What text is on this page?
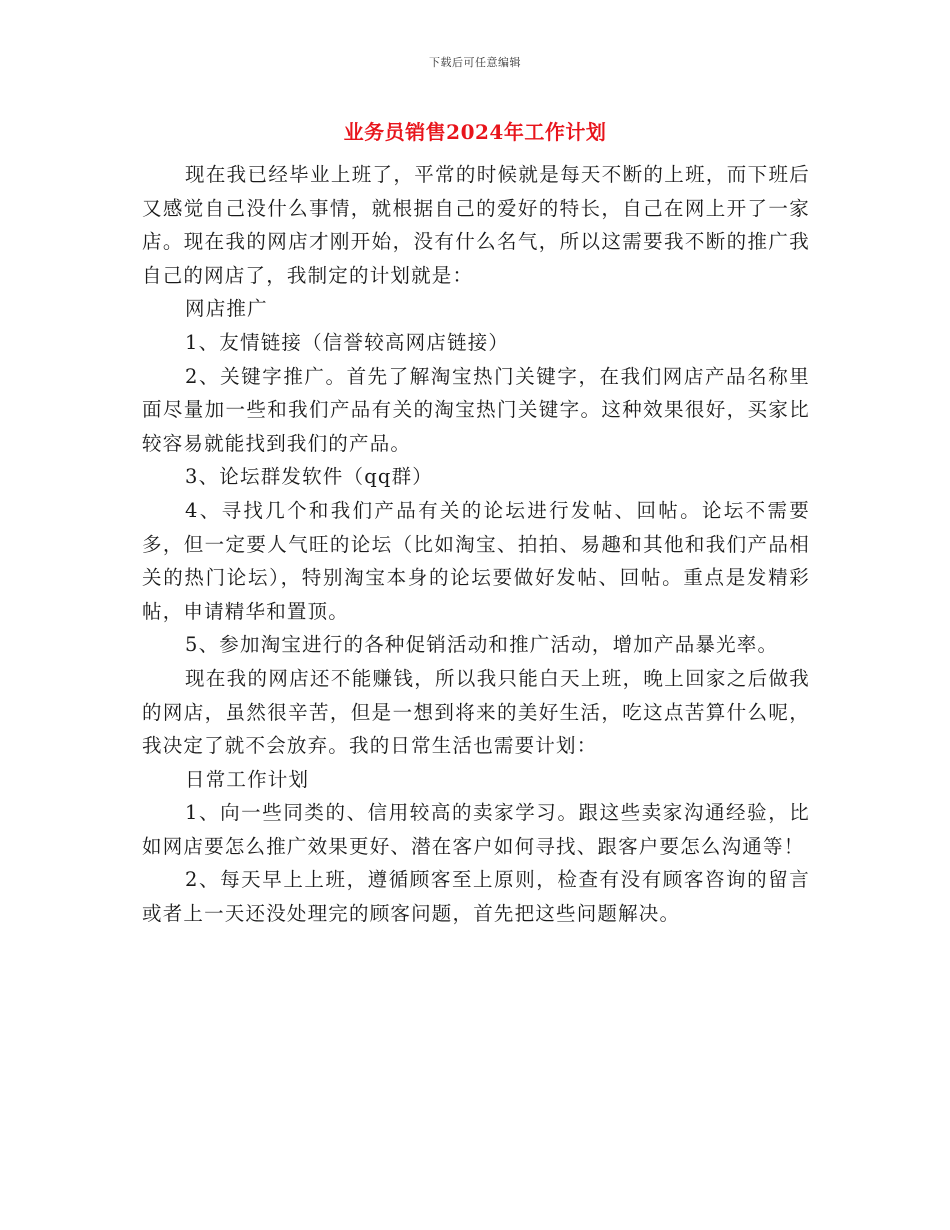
下载后可任意编辑
业务员销售2024年工作计划

现在我已经毕业上班了，平常的时候就是每天不断的上班，而下班后又感觉自己没什么事情，就根据自己的爱好的特长，自己在网上开了一家店。现在我的网店才刚开始，没有什么名气，所以这需要我不断的推广我自己的网店了，我制定的计划就是：

网店推广

1、友情链接（信誉较高网店链接）

2、关键字推广。首先了解淘宝热门关键字，在我们网店产品名称里面尽量加一些和我们产品有关的淘宝热门关键字。这种效果很好，买家比较容易就能找到我们的产品。

3、论坛群发软件（qq群）

4、寻找几个和我们产品有关的论坛进行发帖、回帖。论坛不需要多，但一定要人气旺的论坛（比如淘宝、拍拍、易趣和其他和我们产品相关的热门论坛），特别淘宝本身的论坛要做好发帖、回帖。重点是发精彩帖，申请精华和置顶。

5、参加淘宝进行的各种促销活动和推广活动，增加产品暴光率。

现在我的网店还不能赚钱，所以我只能白天上班，晚上回家之后做我的网店，虽然很辛苦，但是一想到将来的美好生活，吃这点苦算什么呢，我决定了就不会放弃。我的日常生活也需要计划：

日常工作计划

1、向一些同类的、信用较高的卖家学习。跟这些卖家沟通经验，比如网店要怎么推广效果更好、潜在客户如何寻找、跟客户要怎么沟通等！

2、每天早上上班，遵循顾客至上原则，检查有没有顾客咨询的留言或者上一天还没处理完的顾客问题，首先把这些问题解决。
